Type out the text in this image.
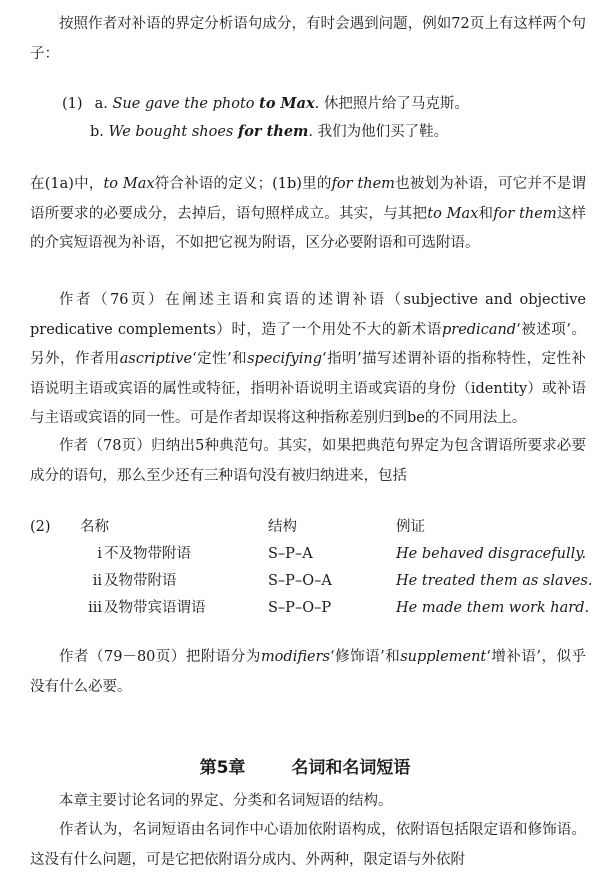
按照作者对补语的界定分析语句成分，有时会遇到问题，例如72页上有这样两个句子：

(1) a. Sue gave the photo to Max. 休把照片给了马克斯。
b. We bought shoes for them. 我们为他们买了鞋。

在(1a)中，to Max符合补语的定义；(1b)里的for them也被划为补语，可它并不是谓语所要求的必要成分，去掉后，语句照样成立。其实，与其把to Max和for them这样的介宾短语视为补语，不如把它视为附语，区分必要附语和可选附语。

作者（76页）在阐述主语和宾语的述谓补语（subjective and objective predicative complements）时，造了一个用处不大的新术语predicand‘被述项’。另外，作者用ascriptive‘定性’和specifying‘指明’描写述谓补语的指称特性，定性补语说明主语或宾语的属性或特征，指明补语说明主语或宾语的身份（identity）或补语与主语或宾语的同一性。可是作者却误将这种指称差别归到be的不同用法上。

作者（78页）归纳出5种典范句。其实，如果把典范句界定为包含谓语所要求必要成分的语句，那么至少还有三种语句没有被归纳进来，包括

(2) 名称	结构	例证
i 不及物带附语	S–P–A	He behaved disgracefully.
ii 及物带附语	S–P–O–A	He treated them as slaves.
iii 及物带宾语谓语	S–P–O–P	He made them work hard.

作者（79－80页）把附语分为modifiers‘修饰语’和supplement‘增补语’，似乎没有什么必要。

第5章	名词和名词短语

本章主要讨论名词的界定、分类和名词短语的结构。

作者认为，名词短语由名词作中心语加依附语构成，依附语包括限定语和修饰语。这没有什么问题，可是它把依附语分成内、外两种，限定语与外依附
